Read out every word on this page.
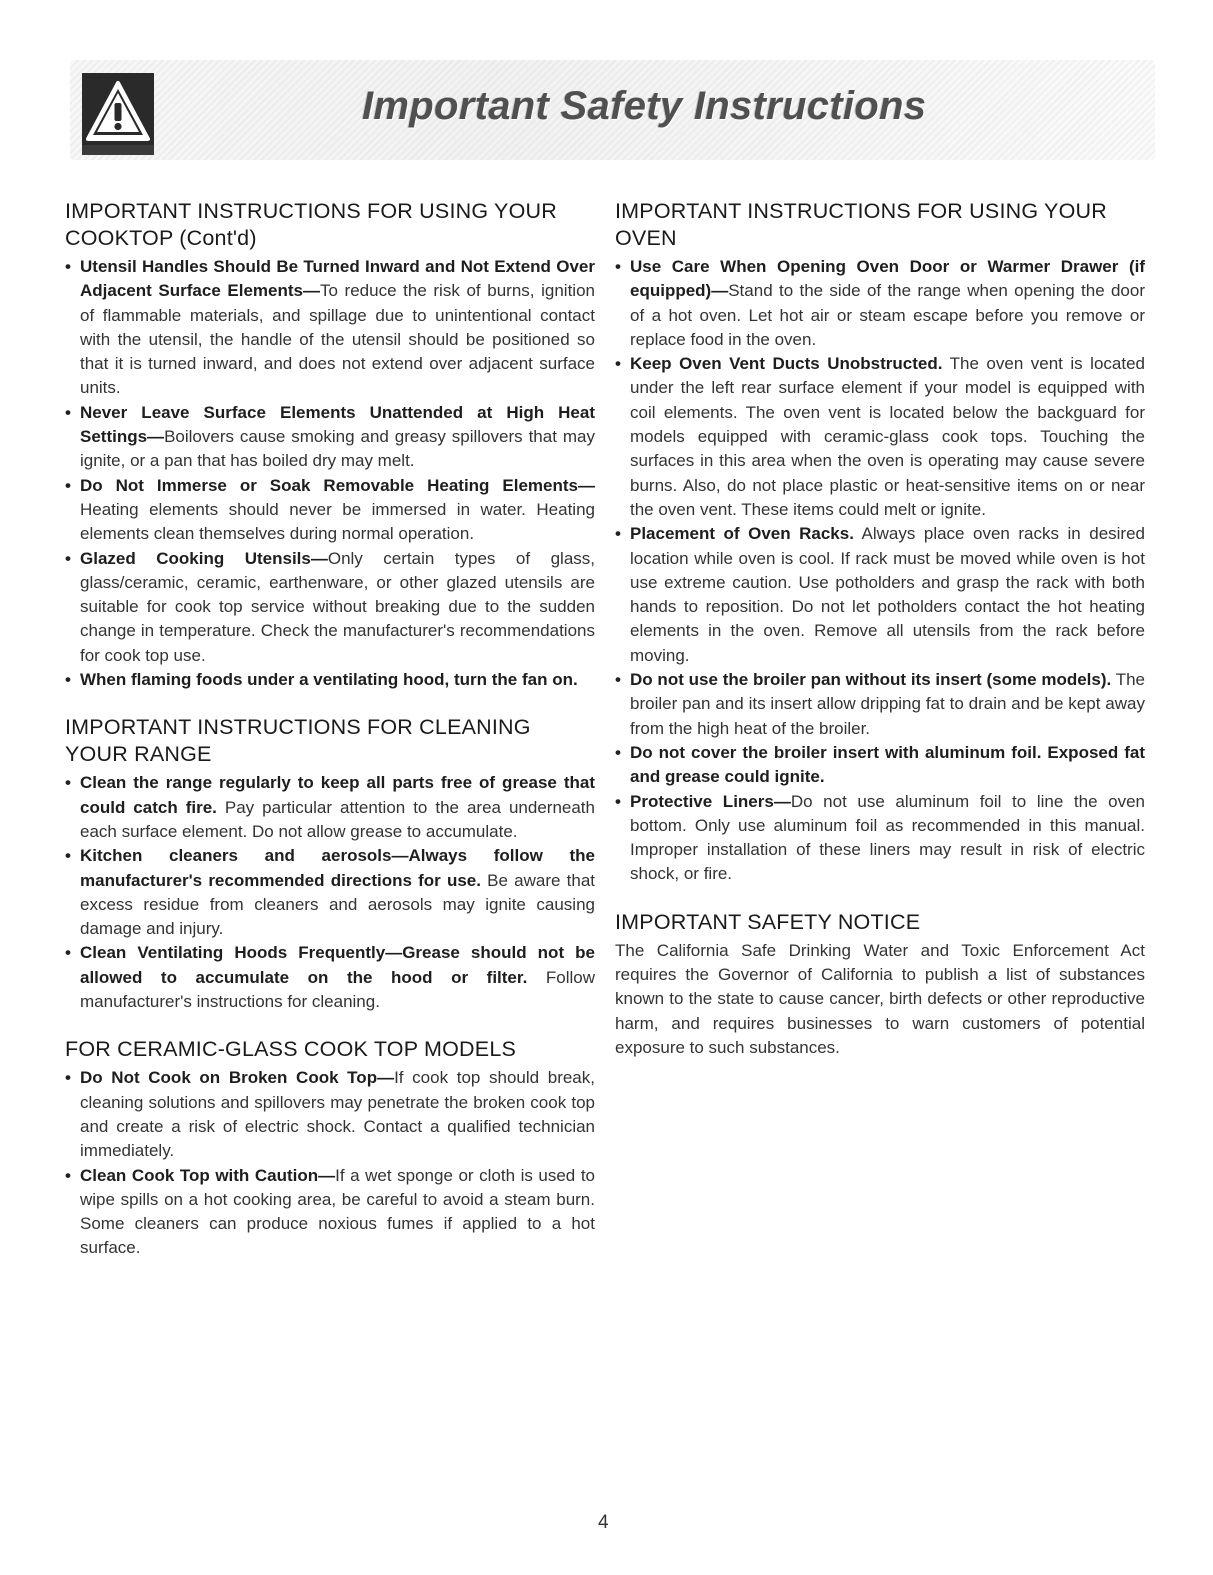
Important Safety Instructions
IMPORTANT INSTRUCTIONS FOR USING YOUR COOKTOP (Cont'd)

• Utensil Handles Should Be Turned Inward and Not Extend Over Adjacent Surface Elements—To reduce the risk of burns, ignition of flammable materials, and spillage due to unintentional contact with the utensil, the handle of the utensil should be positioned so that it is turned inward, and does not extend over adjacent surface units.

• Never Leave Surface Elements Unattended at High Heat Settings—Boilovers cause smoking and greasy spillovers that may ignite, or a pan that has boiled dry may melt.

• Do Not Immerse or Soak Removable Heating Elements—Heating elements should never be immersed in water. Heating elements clean themselves during normal operation.

• Glazed Cooking Utensils—Only certain types of glass, glass/ceramic, ceramic, earthenware, or other glazed utensils are suitable for cook top service without breaking due to the sudden change in temperature. Check the manufacturer's recommendations for cook top use.

• When flaming foods under a ventilating hood, turn the fan on.

IMPORTANT INSTRUCTIONS FOR CLEANING YOUR RANGE

• Clean the range regularly to keep all parts free of grease that could catch fire. Pay particular attention to the area underneath each surface element. Do not allow grease to accumulate.

• Kitchen cleaners and aerosols—Always follow the manufacturer's recommended directions for use. Be aware that excess residue from cleaners and aerosols may ignite causing damage and injury.

• Clean Ventilating Hoods Frequently—Grease should not be allowed to accumulate on the hood or filter. Follow manufacturer's instructions for cleaning.

FOR CERAMIC-GLASS COOK TOP MODELS

• Do Not Cook on Broken Cook Top—If cook top should break, cleaning solutions and spillovers may penetrate the broken cook top and create a risk of electric shock. Contact a qualified technician immediately.

• Clean Cook Top with Caution—If a wet sponge or cloth is used to wipe spills on a hot cooking area, be careful to avoid a steam burn. Some cleaners can produce noxious fumes if applied to a hot surface.

IMPORTANT INSTRUCTIONS FOR USING YOUR OVEN

• Use Care When Opening Oven Door or Warmer Drawer (if equipped)—Stand to the side of the range when opening the door of a hot oven. Let hot air or steam escape before you remove or replace food in the oven.

• Keep Oven Vent Ducts Unobstructed. The oven vent is located under the left rear surface element if your model is equipped with coil elements. The oven vent is located below the backguard for models equipped with ceramic-glass cook tops. Touching the surfaces in this area when the oven is operating may cause severe burns. Also, do not place plastic or heat-sensitive items on or near the oven vent. These items could melt or ignite.

• Placement of Oven Racks. Always place oven racks in desired location while oven is cool. If rack must be moved while oven is hot use extreme caution. Use potholders and grasp the rack with both hands to reposition. Do not let potholders contact the hot heating elements in the oven. Remove all utensils from the rack before moving.

• Do not use the broiler pan without its insert (some models). The broiler pan and its insert allow dripping fat to drain and be kept away from the high heat of the broiler.

• Do not cover the broiler insert with aluminum foil. Exposed fat and grease could ignite.

• Protective Liners—Do not use aluminum foil to line the oven bottom. Only use aluminum foil as recommended in this manual. Improper installation of these liners may result in risk of electric shock, or fire.

IMPORTANT SAFETY NOTICE

The California Safe Drinking Water and Toxic Enforcement Act requires the Governor of California to publish a list of substances known to the state to cause cancer, birth defects or other reproductive harm, and requires businesses to warn customers of potential exposure to such substances.

4
